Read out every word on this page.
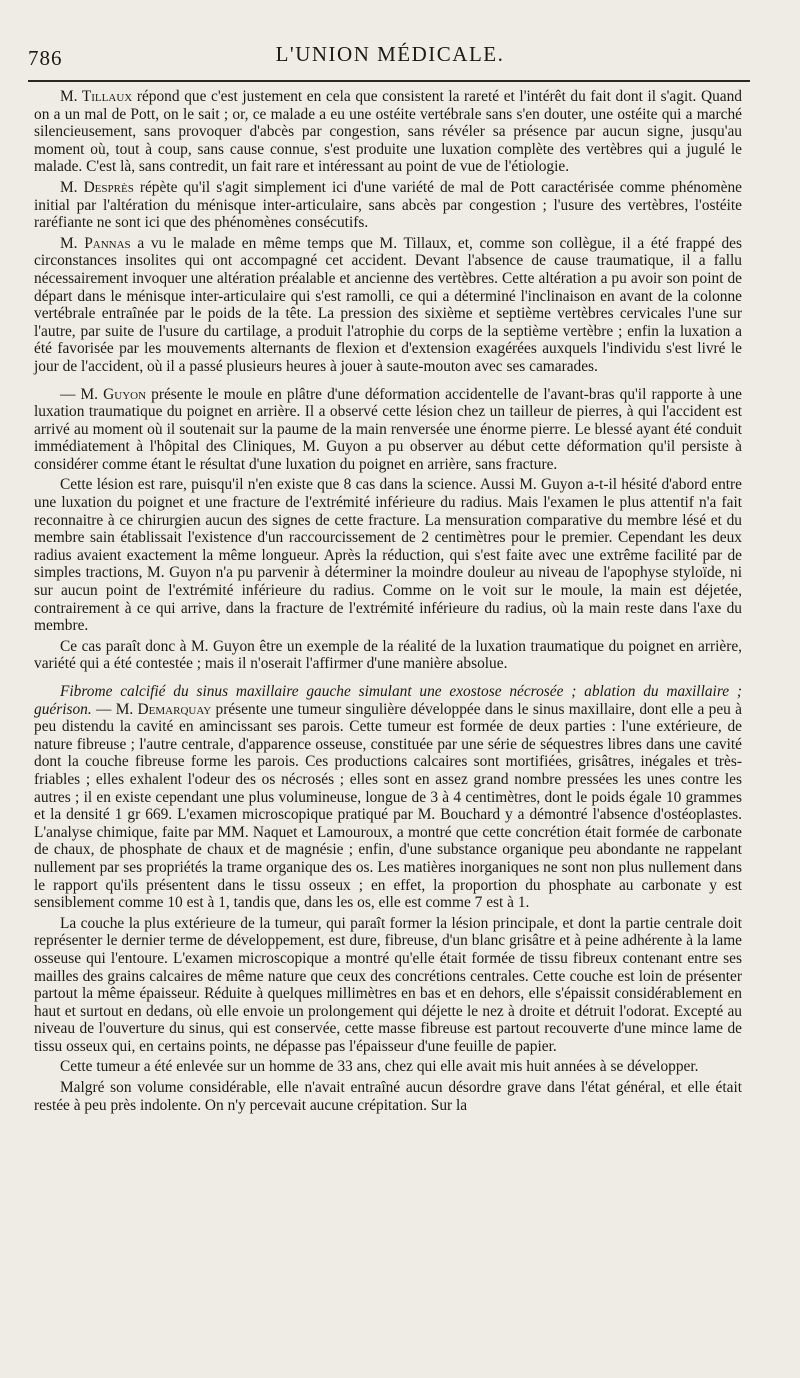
786	L'UNION MÉDICALE.

M. Tillaux répond que c'est justement en cela que consistent la rareté et l'intérêt du fait dont il s'agit. Quand on a un mal de Pott, on le sait ; or, ce malade a eu une ostéite vertébrale sans s'en douter, une ostéite qui a marché silencieusement, sans provoquer d'abcès par congestion, sans révéler sa présence par aucun signe, jusqu'au moment où, tout à coup, sans cause connue, s'est produite une luxation complète des vertèbres qui a jugulé le malade. C'est là, sans contredit, un fait rare et intéressant au point de vue de l'étiologie.

M. Desprès répète qu'il s'agit simplement ici d'une variété de mal de Pott caractérisée comme phénomène initial par l'altération du ménisque inter-articulaire, sans abcès par congestion ; l'usure des vertèbres, l'ostéite raréfiante ne sont ici que des phénomènes consécutifs.

M. Pannas a vu le malade en même temps que M. Tillaux, et, comme son collègue, il a été frappé des circonstances insolites qui ont accompagné cet accident. Devant l'absence de cause traumatique, il a fallu nécessairement invoquer une altération préalable et ancienne des vertèbres. Cette altération a pu avoir son point de départ dans le ménisque inter-articulaire qui s'est ramolli, ce qui a déterminé l'inclinaison en avant de la colonne vertébrale entraînée par le poids de la tête. La pression des sixième et septième vertèbres cervicales l'une sur l'autre, par suite de l'usure du cartilage, a produit l'atrophie du corps de la septième vertèbre ; enfin la luxation a été favorisée par les mouvements alternants de flexion et d'extension exagérées auxquels l'individu s'est livré le jour de l'accident, où il a passé plusieurs heures à jouer à saute-mouton avec ses camarades.

— M. Guyon présente le moule en plâtre d'une déformation accidentelle de l'avant-bras qu'il rapporte à une luxation traumatique du poignet en arrière. Il a observé cette lésion chez un tailleur de pierres, à qui l'accident est arrivé au moment où il soutenait sur la paume de la main renversée une énorme pierre. Le blessé ayant été conduit immédiatement à l'hôpital des Cliniques, M. Guyon a pu observer au début cette déformation qu'il persiste à considérer comme étant le résultat d'une luxation du poignet en arrière, sans fracture.

Cette lésion est rare, puisqu'il n'en existe que 8 cas dans la science. Aussi M. Guyon a-t-il hésité d'abord entre une luxation du poignet et une fracture de l'extrémité inférieure du radius. Mais l'examen le plus attentif n'a fait reconnaitre à ce chirurgien aucun des signes de cette fracture. La mensuration comparative du membre lésé et du membre sain établissait l'existence d'un raccourcissement de 2 centimètres pour le premier. Cependant les deux radius avaient exactement la même longueur. Après la réduction, qui s'est faite avec une extrême facilité par de simples tractions, M. Guyon n'a pu parvenir à déterminer la moindre douleur au niveau de l'apophyse styloïde, ni sur aucun point de l'extrémité inférieure du radius. Comme on le voit sur le moule, la main est déjetée, contrairement à ce qui arrive, dans la fracture de l'extrémité inférieure du radius, où la main reste dans l'axe du membre.

Ce cas paraît donc à M. Guyon être un exemple de la réalité de la luxation traumatique du poignet en arrière, variété qui a été contestée ; mais il n'oserait l'affirmer d'une manière absolue.

Fibrome calcifié du sinus maxillaire gauche simulant une exostose nécrosée ; ablation du maxillaire ; guérison. — M. Demarquay présente une tumeur singulière développée dans le sinus maxillaire, dont elle a peu à peu distendu la cavité en amincissant ses parois. Cette tumeur est formée de deux parties : l'une extérieure, de nature fibreuse ; l'autre centrale, d'apparence osseuse, constituée par une série de séquestres libres dans une cavité dont la couche fibreuse forme les parois. Ces productions calcaires sont mortifiées, grisâtres, inégales et très-friables ; elles exhalent l'odeur des os nécrosés ; elles sont en assez grand nombre pressées les unes contre les autres ; il en existe cependant une plus volumineuse, longue de 3 à 4 centimètres, dont le poids égale 10 grammes et la densité 1 gr 669. L'examen microscopique pratiqué par M. Bouchard y a démontré l'absence d'ostéoplastes. L'analyse chimique, faite par MM. Naquet et Lamouroux, a montré que cette concrétion était formée de carbonate de chaux, de phosphate de chaux et de magnésie ; enfin, d'une substance organique peu abondante ne rappelant nullement par ses propriétés la trame organique des os. Les matières inorganiques ne sont non plus nullement dans le rapport qu'ils présentent dans le tissu osseux ; en effet, la proportion du phosphate au carbonate y est sensiblement comme 10 est à 1, tandis que, dans les os, elle est comme 7 est à 1.

La couche la plus extérieure de la tumeur, qui paraît former la lésion principale, et dont la partie centrale doit représenter le dernier terme de développement, est dure, fibreuse, d'un blanc grisâtre et à peine adhérente à la lame osseuse qui l'entoure. L'examen microscopique a montré qu'elle était formée de tissu fibreux contenant entre ses mailles des grains calcaires de même nature que ceux des concrétions centrales. Cette couche est loin de présenter partout la même épaisseur. Réduite à quelques millimètres en bas et en dehors, elle s'épaissit considérablement en haut et surtout en dedans, où elle envoie un prolongement qui déjette le nez à droite et détruit l'odorat. Excepté au niveau de l'ouverture du sinus, qui est conservée, cette masse fibreuse est partout recouverte d'une mince lame de tissu osseux qui, en certains points, ne dépasse pas l'épaisseur d'une feuille de papier.

Cette tumeur a été enlevée sur un homme de 33 ans, chez qui elle avait mis huit années à se développer.

Malgré son volume considérable, elle n'avait entraîné aucun désordre grave dans l'état général, et elle était restée à peu près indolente. On n'y percevait aucune crépitation. Sur la
